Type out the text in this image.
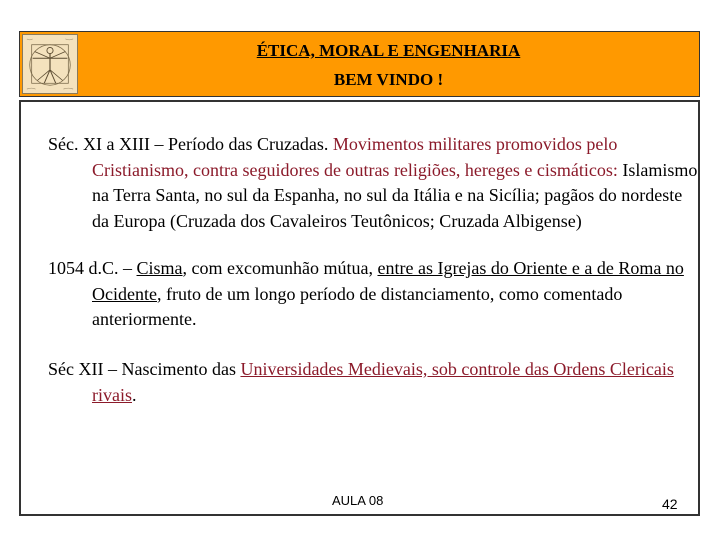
ÉTICA, MORAL E ENGENHARIA
BEM VINDO !

Séc. XI a XIII – Período das Cruzadas. Movimentos militares promovidos pelo Cristianismo, contra seguidores de outras religiões, hereges e cismáticos: Islamismo na Terra Santa, no sul da Espanha, no sul da Itália e na Sicília; pagãos do nordeste da Europa (Cruzada dos Cavaleiros Teutônicos; Cruzada Albigense)

1054 d.C. – Cisma, com excomunhão mútua, entre as Igrejas do Oriente e a de Roma no Ocidente, fruto de um longo período de distanciamento, como comentado anteriormente.

Séc XII – Nascimento das Universidades Medievais, sob controle das Ordens Clericais rivais.

AULA 08	42
